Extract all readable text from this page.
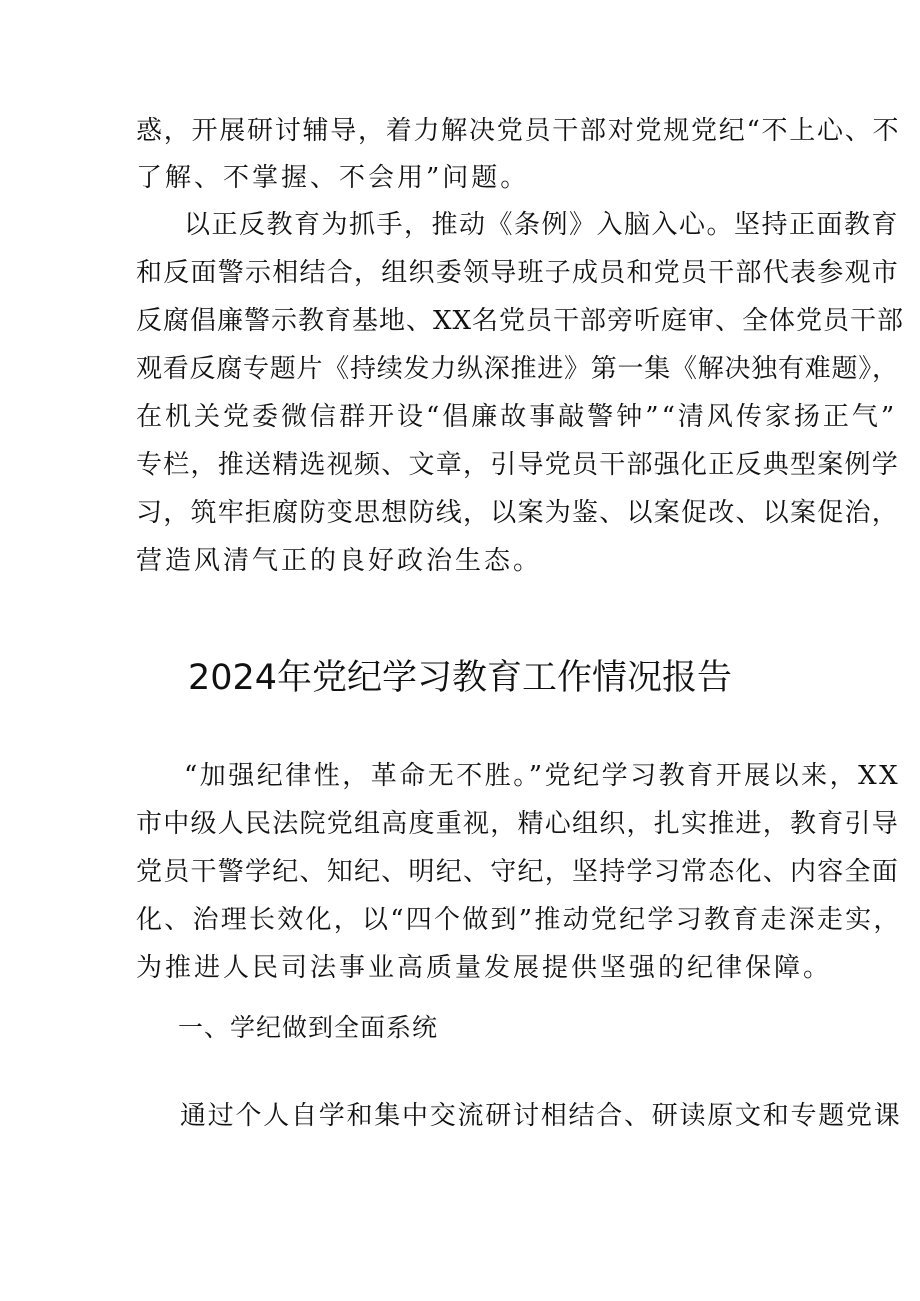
惑，开展研讨辅导，着力解决党员干部对党规党纪“不上心、不
了解、不掌握、不会用”问题。
以正反教育为抓手，推动《条例》入脑入心。坚持正面教育
和反面警示相结合，组织委领导班子成员和党员干部代表参观市
反腐倡廉警示教育基地、XX名党员干部旁听庭审、全体党员干部
观看反腐专题片《持续发力纵深推进》第一集《解决独有难题》，
在机关党委微信群开设“倡廉故事敲警钟”“清风传家扬正气”
专栏，推送精选视频、文章，引导党员干部强化正反典型案例学
习，筑牢拒腐防变思想防线，以案为鉴、以案促改、以案促治，
营造风清气正的良好政治生态。
2024年党纪学习教育工作情况报告
“加强纪律性，革命无不胜。”党纪学习教育开展以来，XX
市中级人民法院党组高度重视，精心组织，扎实推进，教育引导
党员干警学纪、知纪、明纪、守纪，坚持学习常态化、内容全面
化、治理长效化，以“四个做到”推动党纪学习教育走深走实，
为推进人民司法事业高质量发展提供坚强的纪律保障。
一、学纪做到全面系统
通过个人自学和集中交流研讨相结合、研读原文和专题党课
